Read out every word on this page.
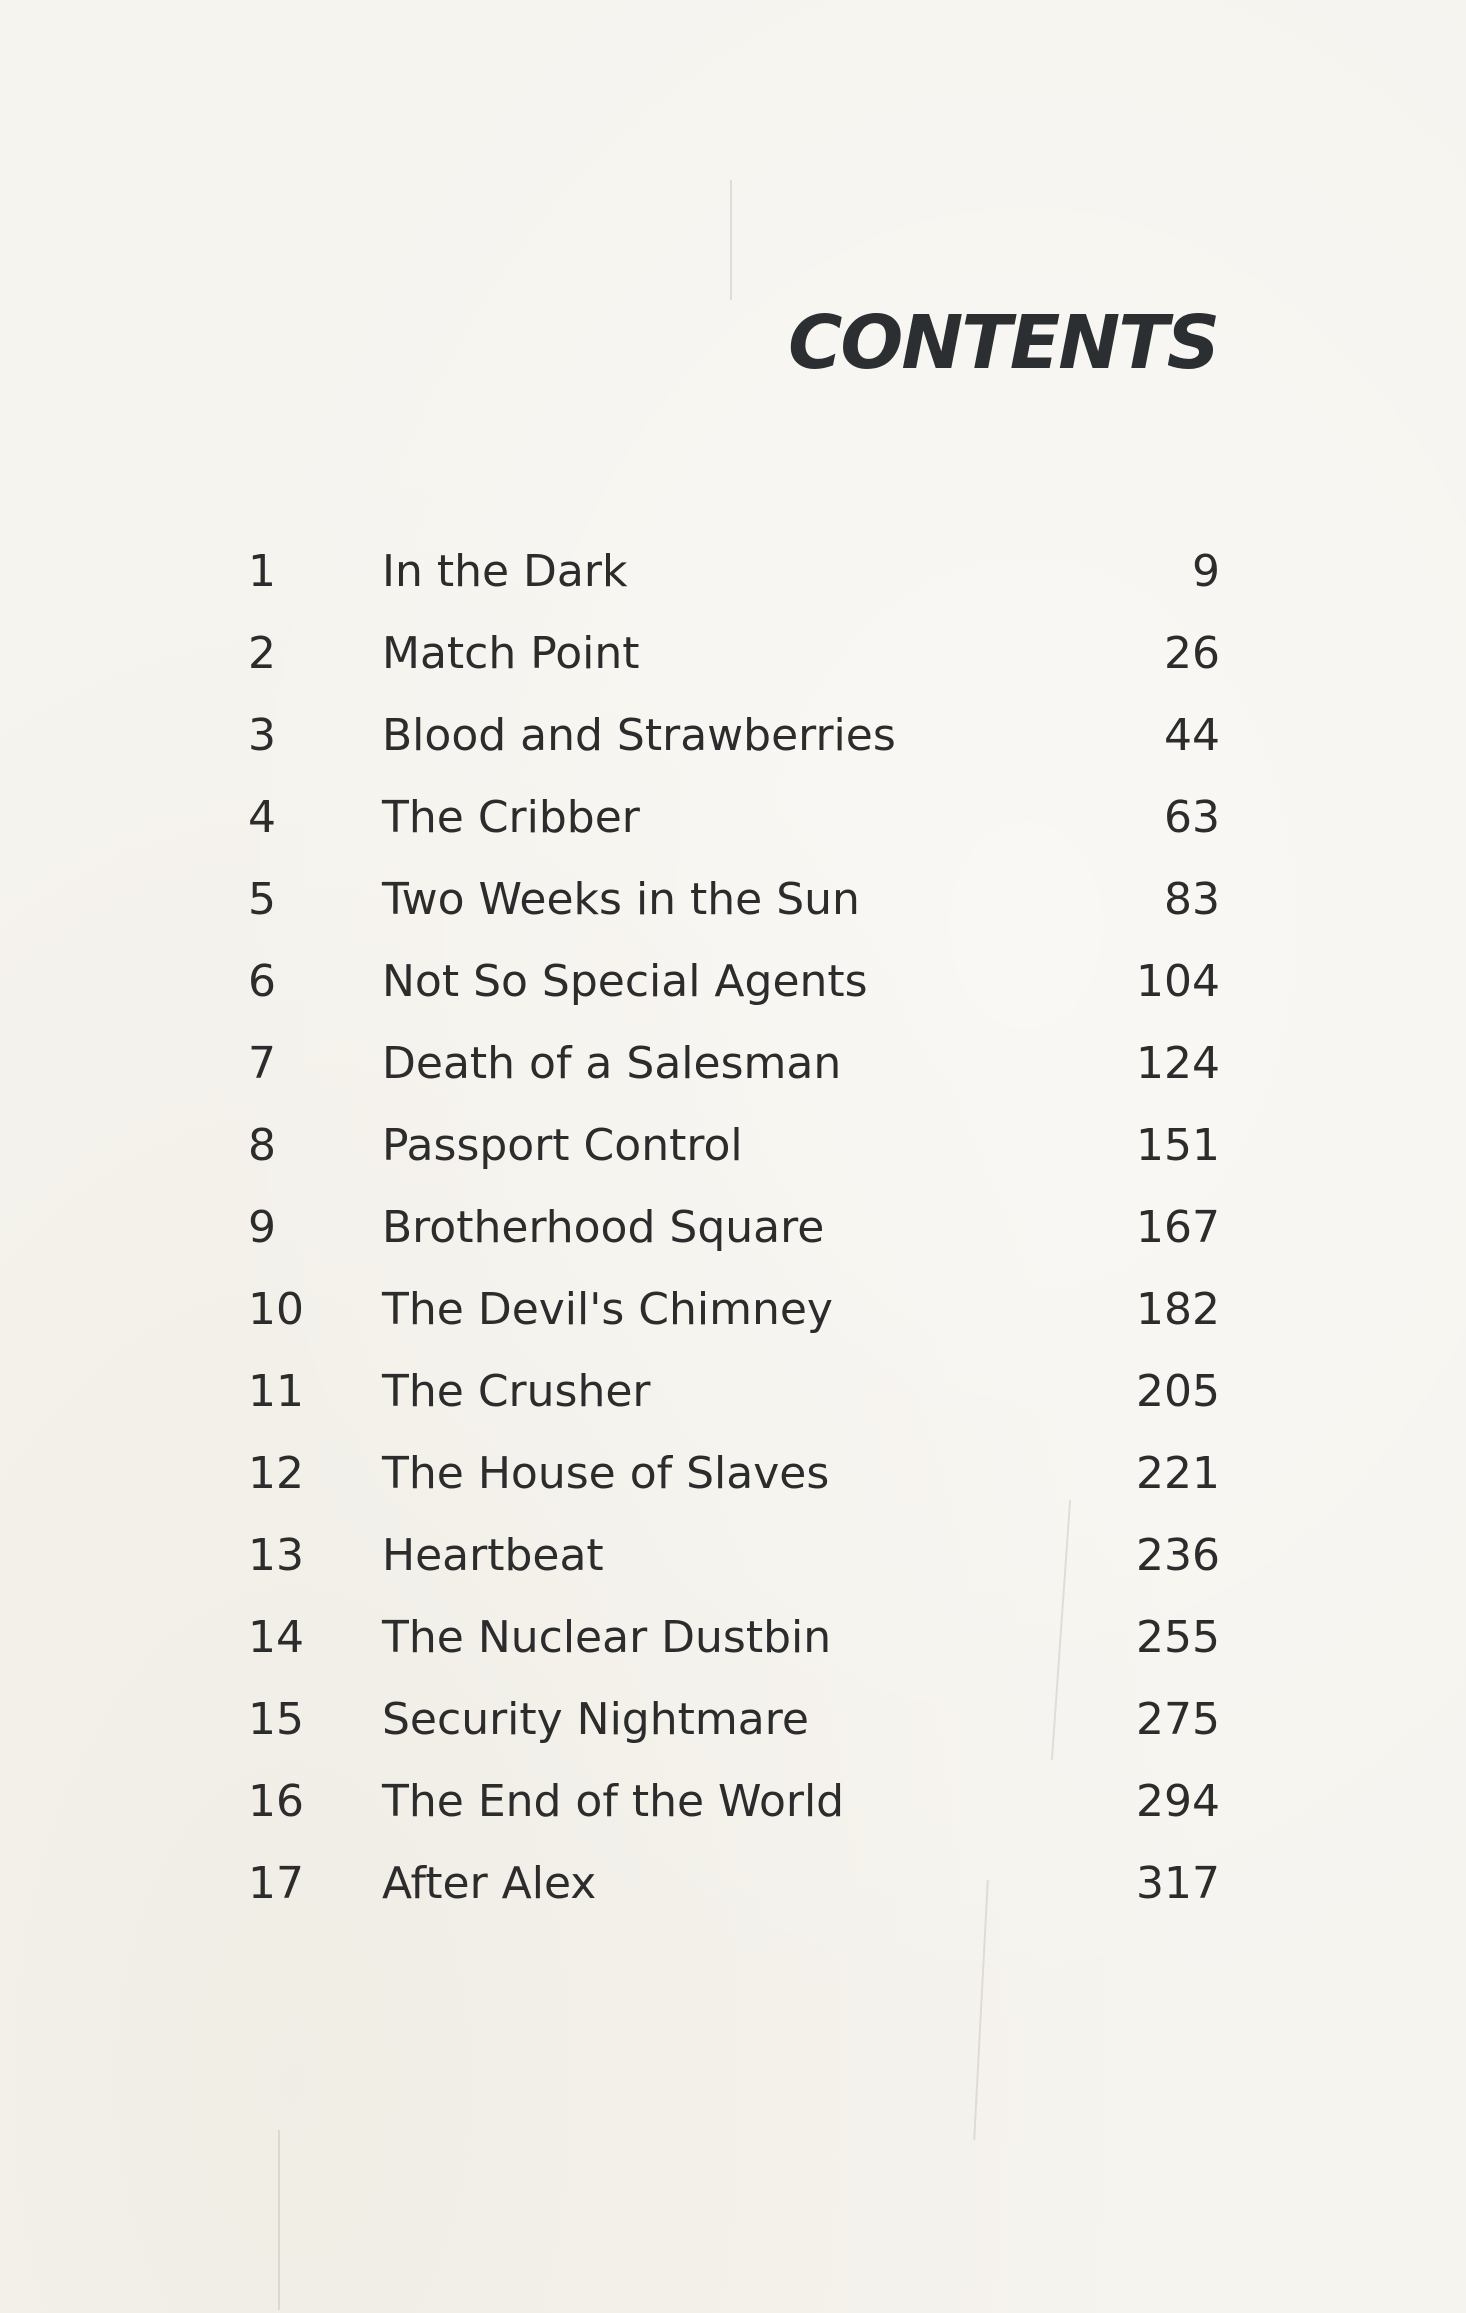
CONTENTS
1	In the Dark	9
2	Match Point	26
3	Blood and Strawberries	44
4	The Cribber	63
5	Two Weeks in the Sun	83
6	Not So Special Agents	104
7	Death of a Salesman	124
8	Passport Control	151
9	Brotherhood Square	167
10	The Devil's Chimney	182
11	The Crusher	205
12	The House of Slaves	221
13	Heartbeat	236
14	The Nuclear Dustbin	255
15	Security Nightmare	275
16	The End of the World	294
17	After Alex	317
